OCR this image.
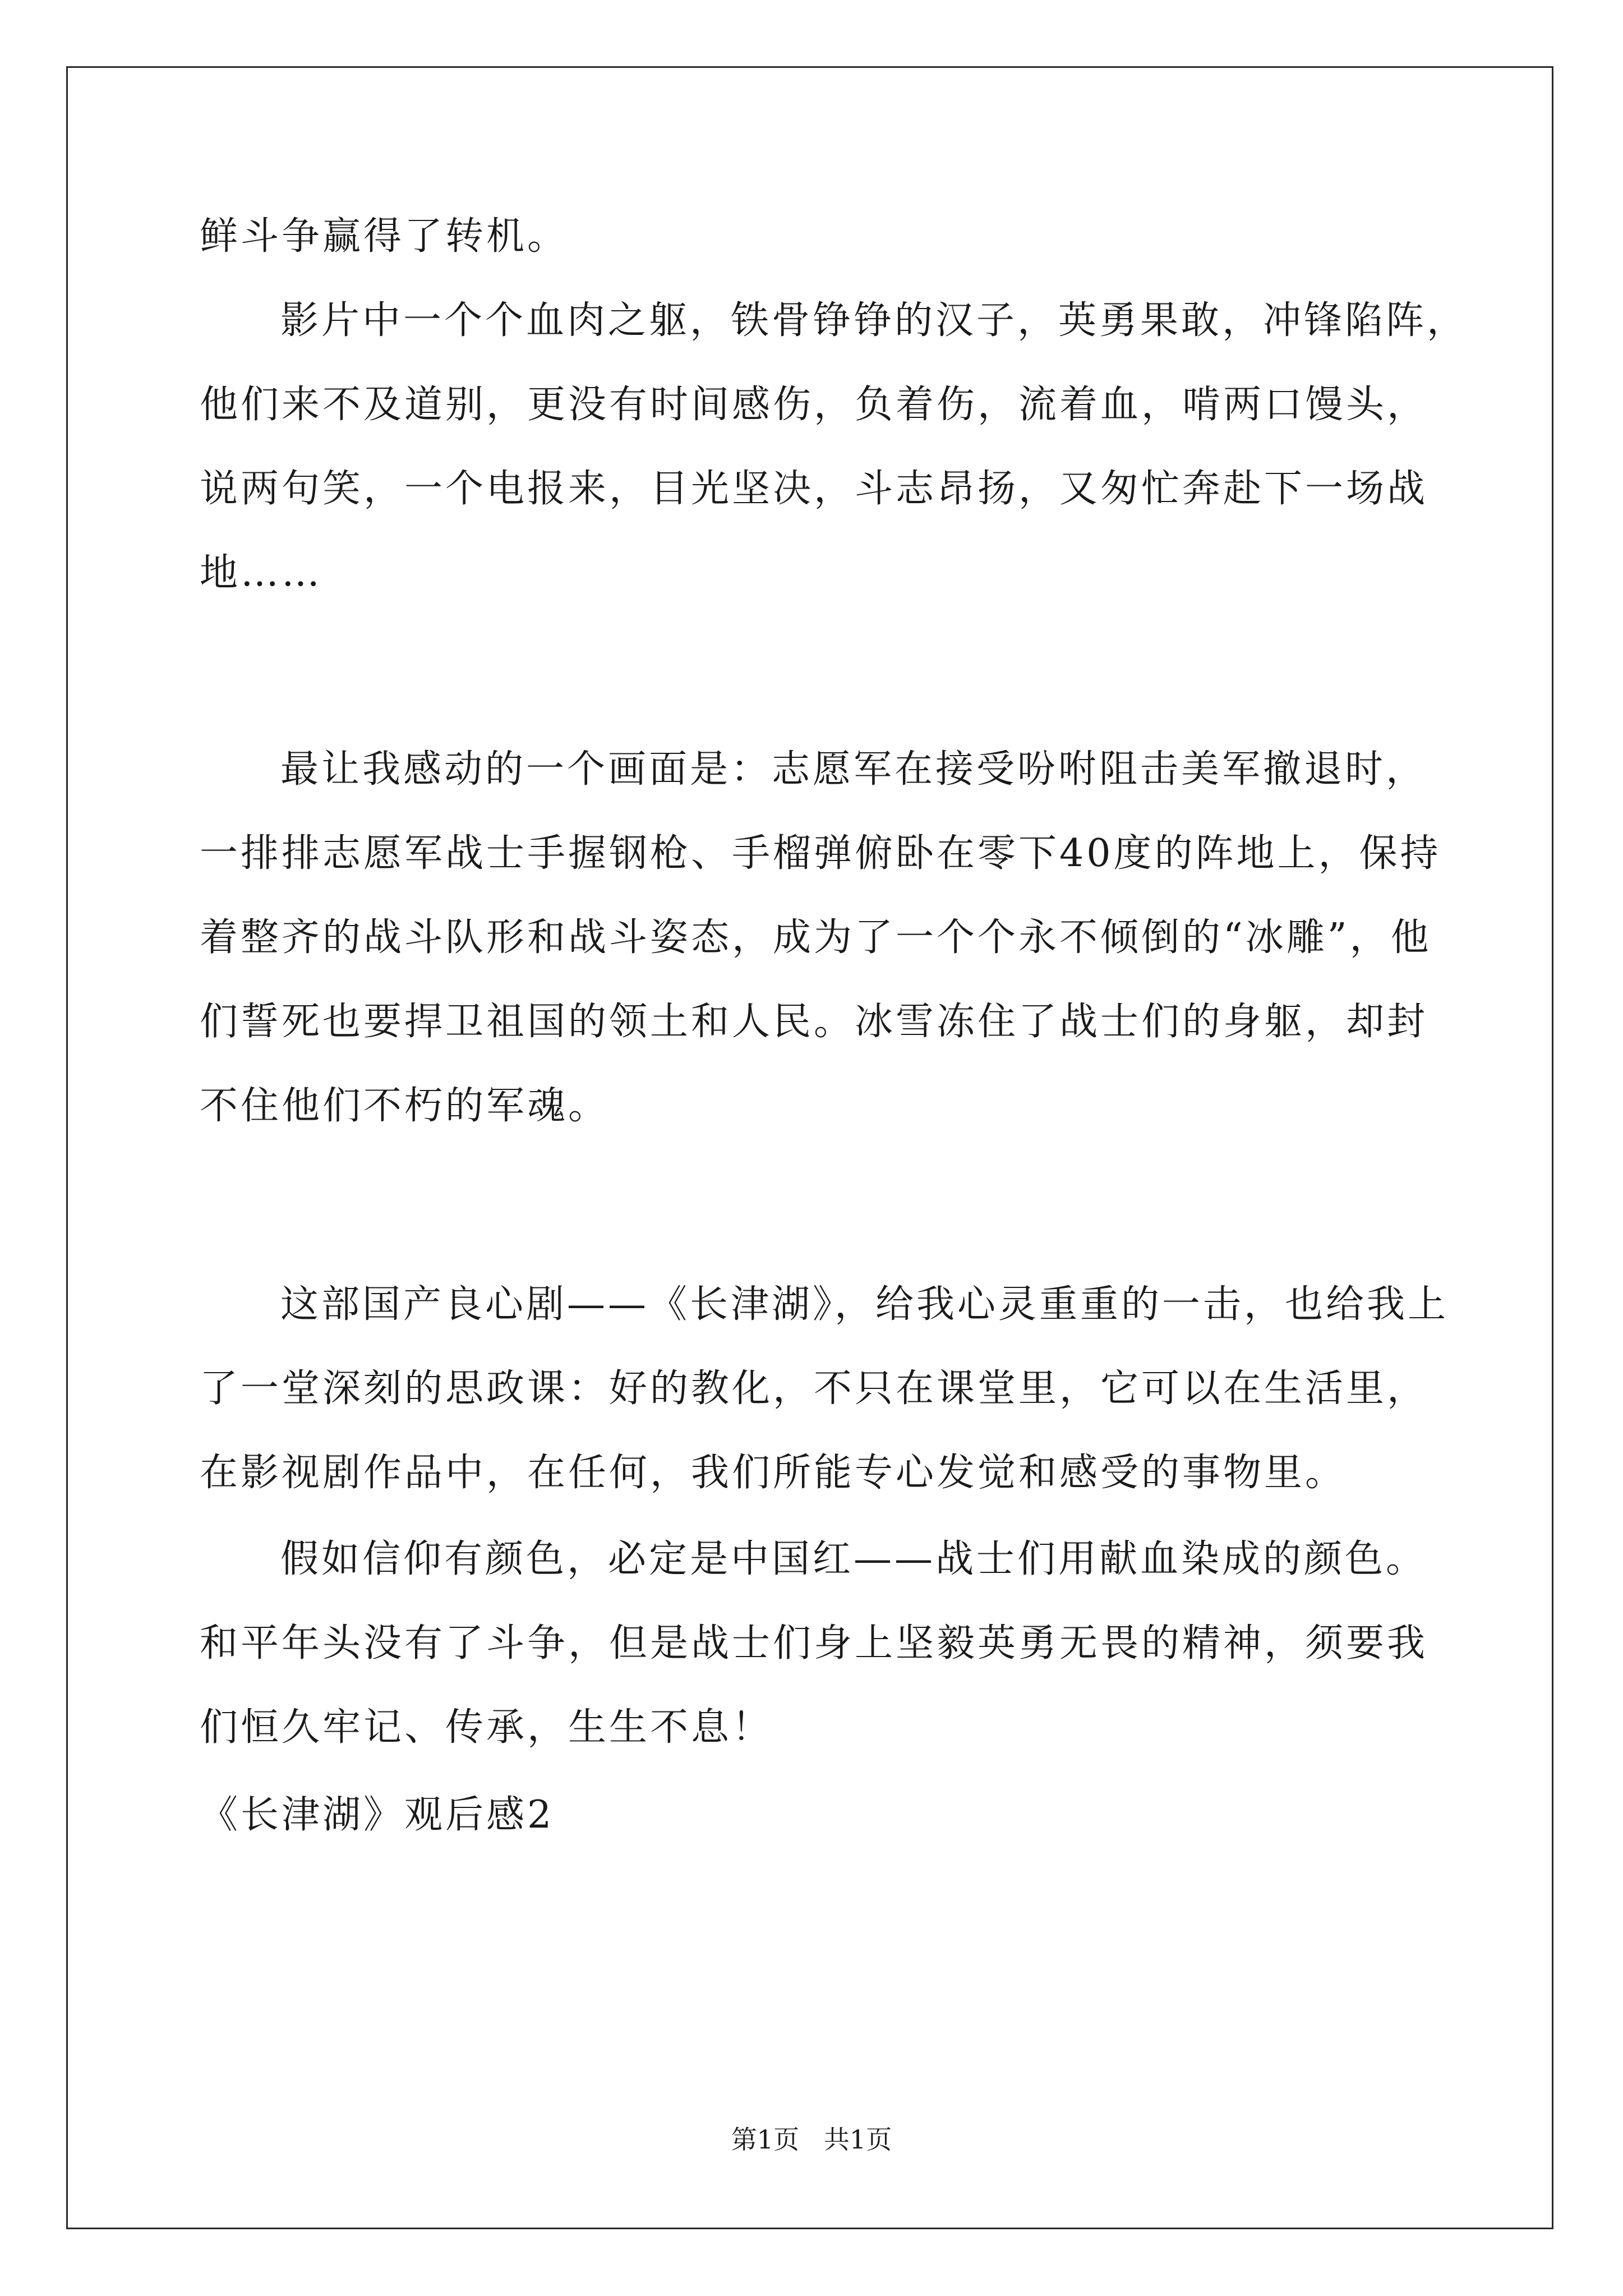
鲜斗争赢得了转机。
影片中一个个血肉之躯，铁骨铮铮的汉子，英勇果敢，冲锋陷阵，
他们来不及道别，更没有时间感伤，负着伤，流着血，啃两口馒头，
说两句笑，一个电报来，目光坚决，斗志昂扬，又匆忙奔赴下一场战
地……
最让我感动的一个画面是：志愿军在接受吩咐阻击美军撤退时，
一排排志愿军战士手握钢枪、手榴弹俯卧在零下40度的阵地上，保持
着整齐的战斗队形和战斗姿态，成为了一个个永不倾倒的“冰雕”，他
们誓死也要捍卫祖国的领土和人民。冰雪冻住了战士们的身躯，却封
不住他们不朽的军魂。
这部国产良心剧——《长津湖》，给我心灵重重的一击，也给我上
了一堂深刻的思政课：好的教化，不只在课堂里，它可以在生活里，
在影视剧作品中，在任何，我们所能专心发觉和感受的事物里。
假如信仰有颜色，必定是中国红——战士们用献血染成的颜色。
和平年头没有了斗争，但是战士们身上坚毅英勇无畏的精神，须要我
们恒久牢记、传承，生生不息！
《长津湖》观后感2
第1页   共1页
